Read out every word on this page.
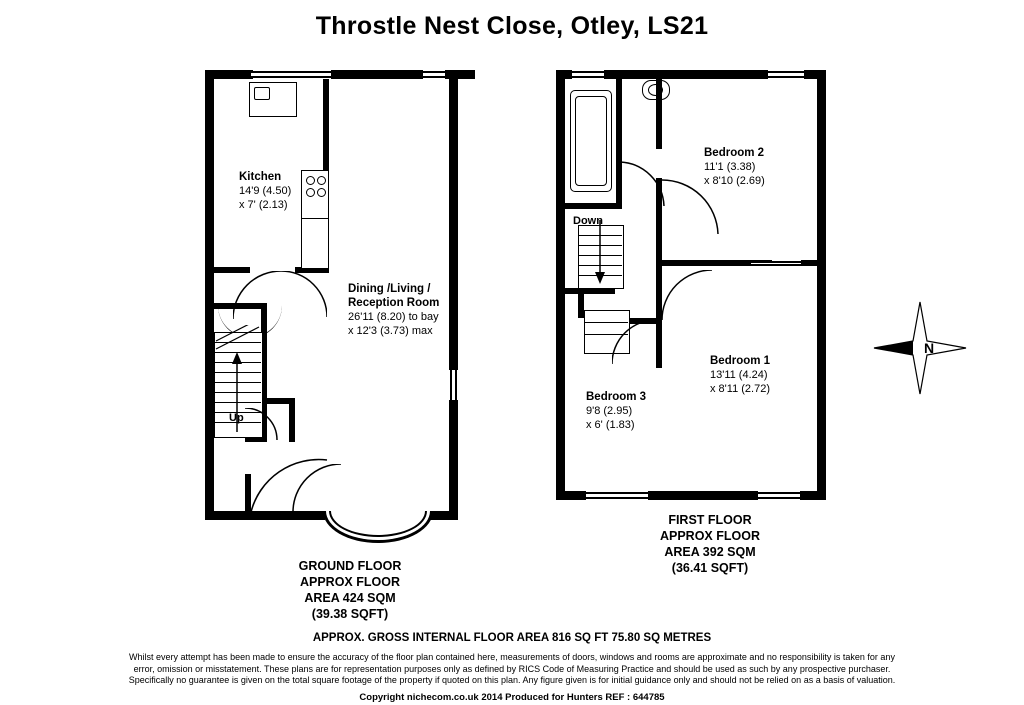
Throstle Nest Close, Otley, LS21
Up
Kitchen
14'9 (4.50)
x 7' (2.13)
Dining /Living /
Reception Room
26'11 (8.20) to bay
x 12'3 (3.73) max
GROUND FLOOR
APPROX FLOOR
AREA 424 SQM
(39.38 SQFT)
Down
Bedroom 2
11'1 (3.38)
x 8'10 (2.69)
Bedroom 1
13'11 (4.24)
x 8'11 (2.72)
Bedroom 3
9'8 (2.95)
x 6' (1.83)
FIRST FLOOR
APPROX FLOOR
AREA 392 SQM
(36.41 SQFT)
N
APPROX. GROSS INTERNAL FLOOR AREA 816 SQ FT 75.80 SQ METRES
Whilst every attempt has been made to ensure the accuracy of the floor plan contained here, measurements of doors, windows and rooms are approximate and no responsibility is taken for any
error, omission or misstatement. These plans are for representation purposes only as defined by RICS Code of Measuring Practice and should be used as such by any prospective purchaser.
Specifically no guarantee is given on the total square footage of the property if quoted on this plan. Any figure given is for initial guidance only and should not be relied on as a basis of valuation.
Copyright nichecom.co.uk 2014 Produced for Hunters REF : 644785
